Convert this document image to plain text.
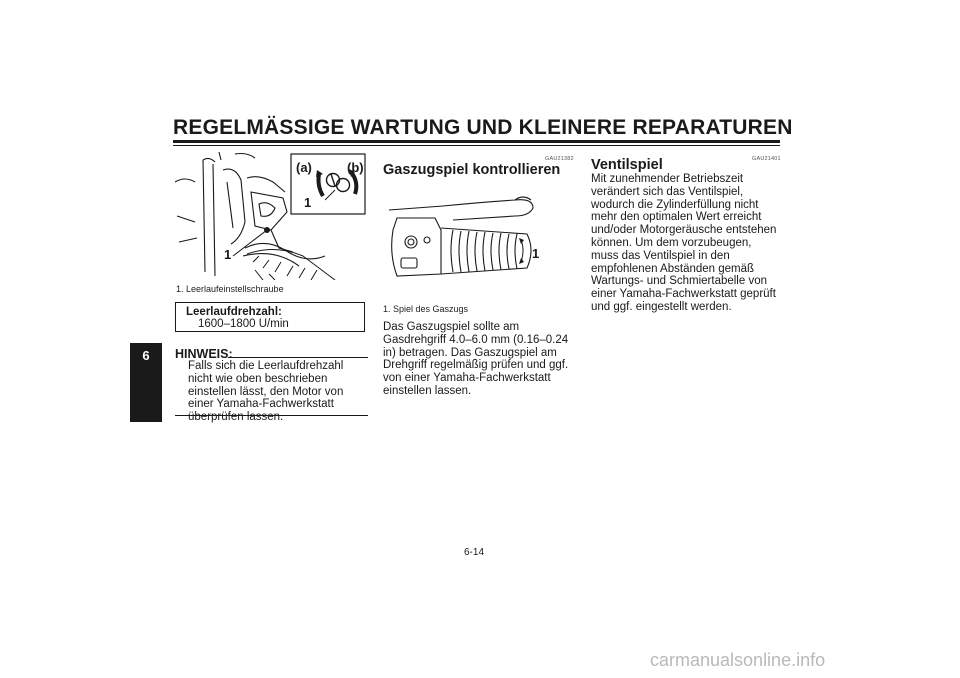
REGELMÄSSIGE WARTUNG UND KLEINERE REPARATUREN
6
(a)	(b)
1
1
1. Leerlaufeinstellschraube
Leerlaufdrehzahl:
1600–1800 U/min
HINWEIS:
Falls sich die Leerlaufdrehzahl nicht wie oben beschrieben einstellen lässt, den Motor von einer Yamaha-Fachwerkstatt überprüfen lassen.
GAU21382
Gaszugspiel kontrollieren
1
1. Spiel des Gaszugs
Das Gaszugspiel sollte am Gasdrehgriff 4.0–6.0 mm (0.16–0.24 in) betragen. Das Gaszugspiel am Drehgriff regelmäßig prüfen und ggf. von einer Yamaha-Fachwerkstatt einstellen lassen.
GAU21401
Ventilspiel
Mit zunehmender Betriebszeit verändert sich das Ventilspiel, wodurch die Zylinderfüllung nicht mehr den optimalen Wert erreicht und/oder Motorgeräusche entstehen können. Um dem vorzubeugen, muss das Ventilspiel in den empfohlenen Abständen gemäß Wartungs- und Schmiertabelle von einer Yamaha-Fachwerkstatt geprüft und ggf. eingestellt werden.
6-14
carmanualsonline.info
